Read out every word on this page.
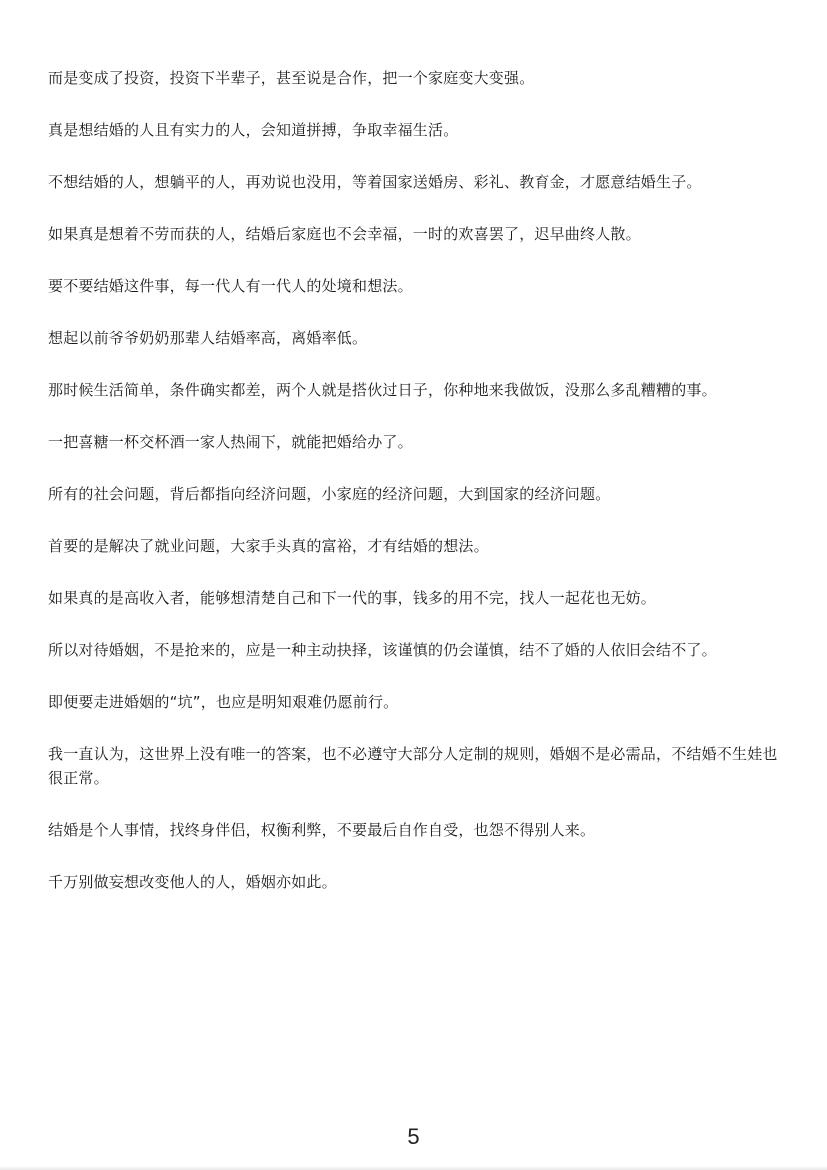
而是变成了投资，投资下半辈子，甚至说是合作，把一个家庭变大变强。

真是想结婚的人且有实力的人，会知道拼搏，争取幸福生活。

不想结婚的人，想躺平的人，再劝说也没用，等着国家送婚房、彩礼、教育金，才愿意结婚生子。

如果真是想着不劳而获的人，结婚后家庭也不会幸福，一时的欢喜罢了，迟早曲终人散。

要不要结婚这件事，每一代人有一代人的处境和想法。

想起以前爷爷奶奶那辈人结婚率高，离婚率低。

那时候生活简单，条件确实都差，两个人就是搭伙过日子，你种地来我做饭，没那么多乱糟糟的事。

一把喜糖一杯交杯酒一家人热闹下，就能把婚给办了。

所有的社会问题，背后都指向经济问题，小家庭的经济问题，大到国家的经济问题。

首要的是解决了就业问题，大家手头真的富裕，才有结婚的想法。

如果真的是高收入者，能够想清楚自己和下一代的事，钱多的用不完，找人一起花也无妨。

所以对待婚姻，不是抢来的，应是一种主动抉择，该谨慎的仍会谨慎，结不了婚的人依旧会结不了。

即便要走进婚姻的“坑”，也应是明知艰难仍愿前行。

我一直认为，这世界上没有唯一的答案，也不必遵守大部分人定制的规则，婚姻不是必需品，不结婚不生娃也很正常。

结婚是个人事情，找终身伴侣，权衡利弊，不要最后自作自受，也怨不得别人来。

千万别做妄想改变他人的人，婚姻亦如此。

5
